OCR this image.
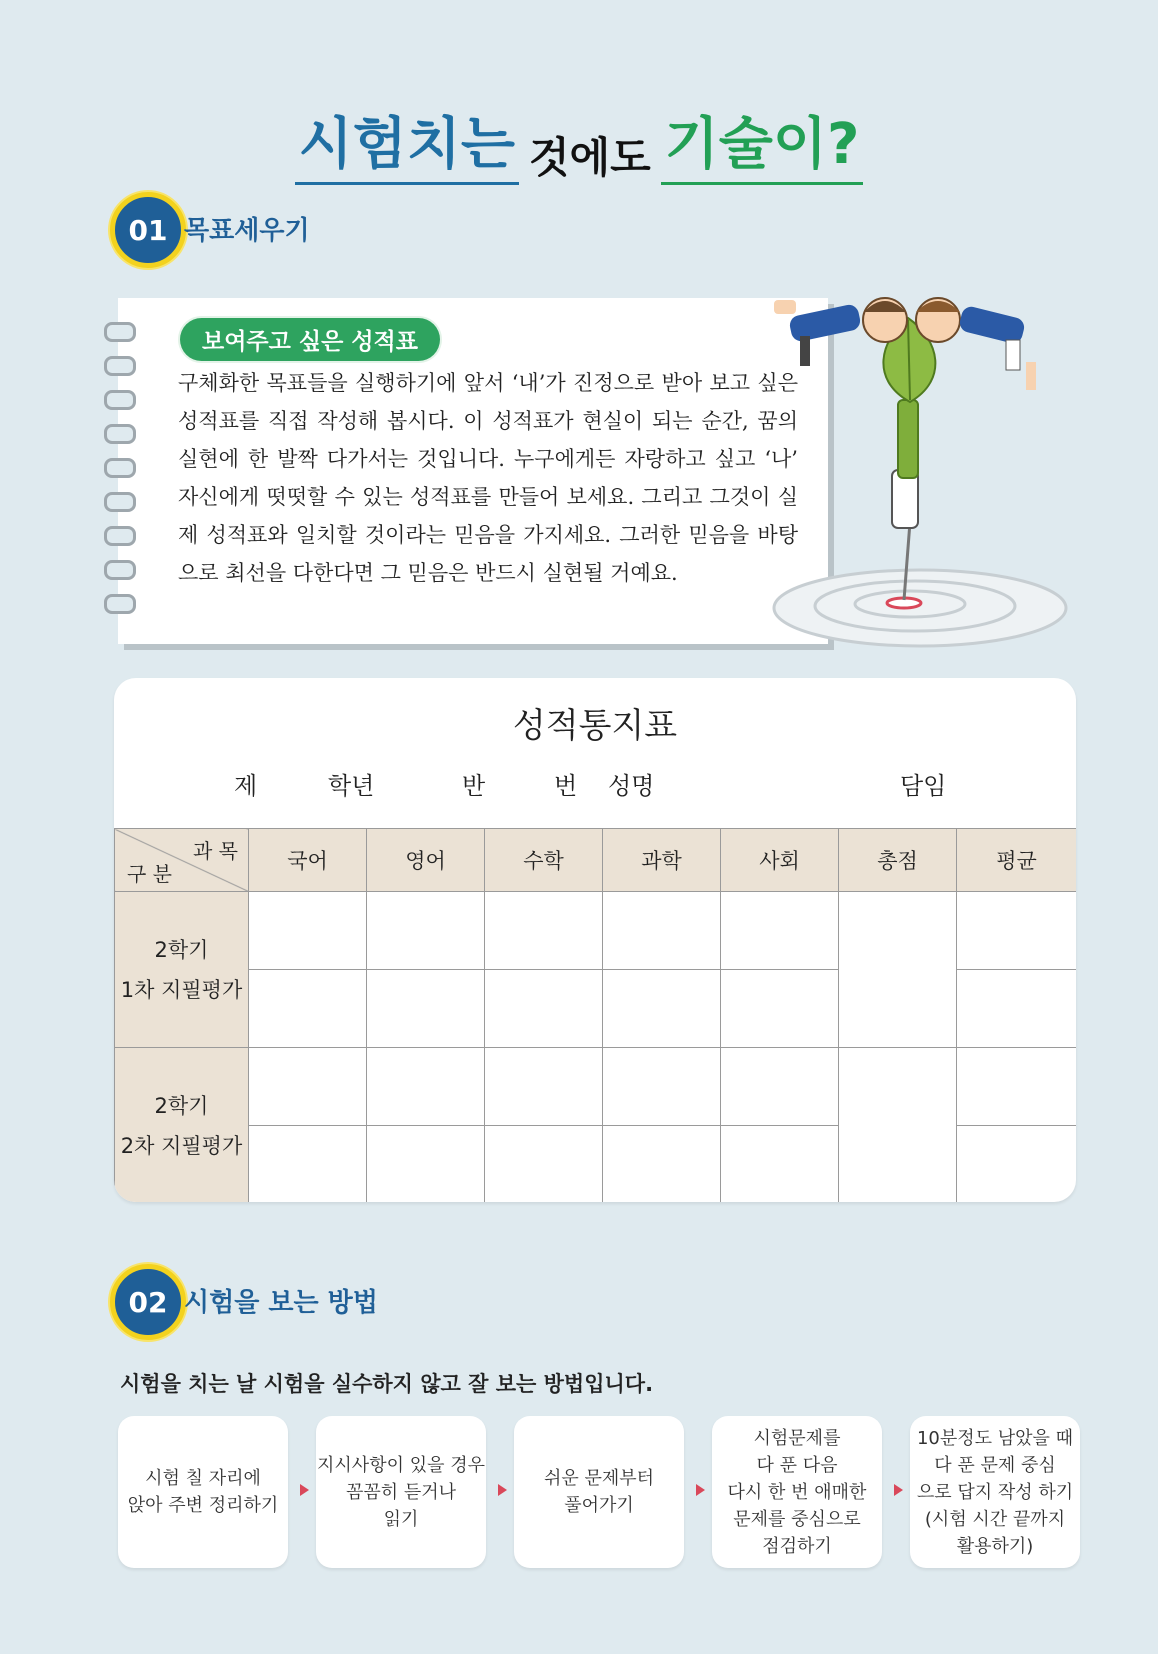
시험치는 것에도 기술이?
01 목표세우기
보여주고 싶은 성적표
구체화한 목표들을 실행하기에 앞서 ‘내’가 진정으로 받아 보고 싶은 성적표를 직접 작성해 봅시다. 이 성적표가 현실이 되는 순간, 꿈의 실현에 한 발짝 다가서는 것입니다. 누구에게든 자랑하고 싶고 ‘나’ 자신에게 떳떳할 수 있는 성적표를 만들어 보세요. 그리고 그것이 실제 성적표와 일치할 것이라는 믿음을 가지세요. 그러한 믿음을 바탕으로 최선을 다한다면 그 믿음은 반드시 실현될 거예요.
성적통지표
제	학년	반	번 성명	담임
과 목
구 분	국어	영어	수학	과학	사회	총점	평균

2학기
1차 지필평가							

2학기
2차 지필평가							

02 시험을 보는 방법
시험을 치는 날 시험을 실수하지 않고 잘 보는 방법입니다.
시험 칠 자리에
앉아 주변 정리하기
지시사항이 있을 경우
꼼꼼히 듣거나
읽기
쉬운 문제부터
풀어가기
시험문제를
다 푼 다음
다시 한 번 애매한
문제를 중심으로
점검하기
10분정도 남았을 때
다 푼 문제 중심
으로 답지 작성 하기
(시험 시간 끝까지
활용하기)
